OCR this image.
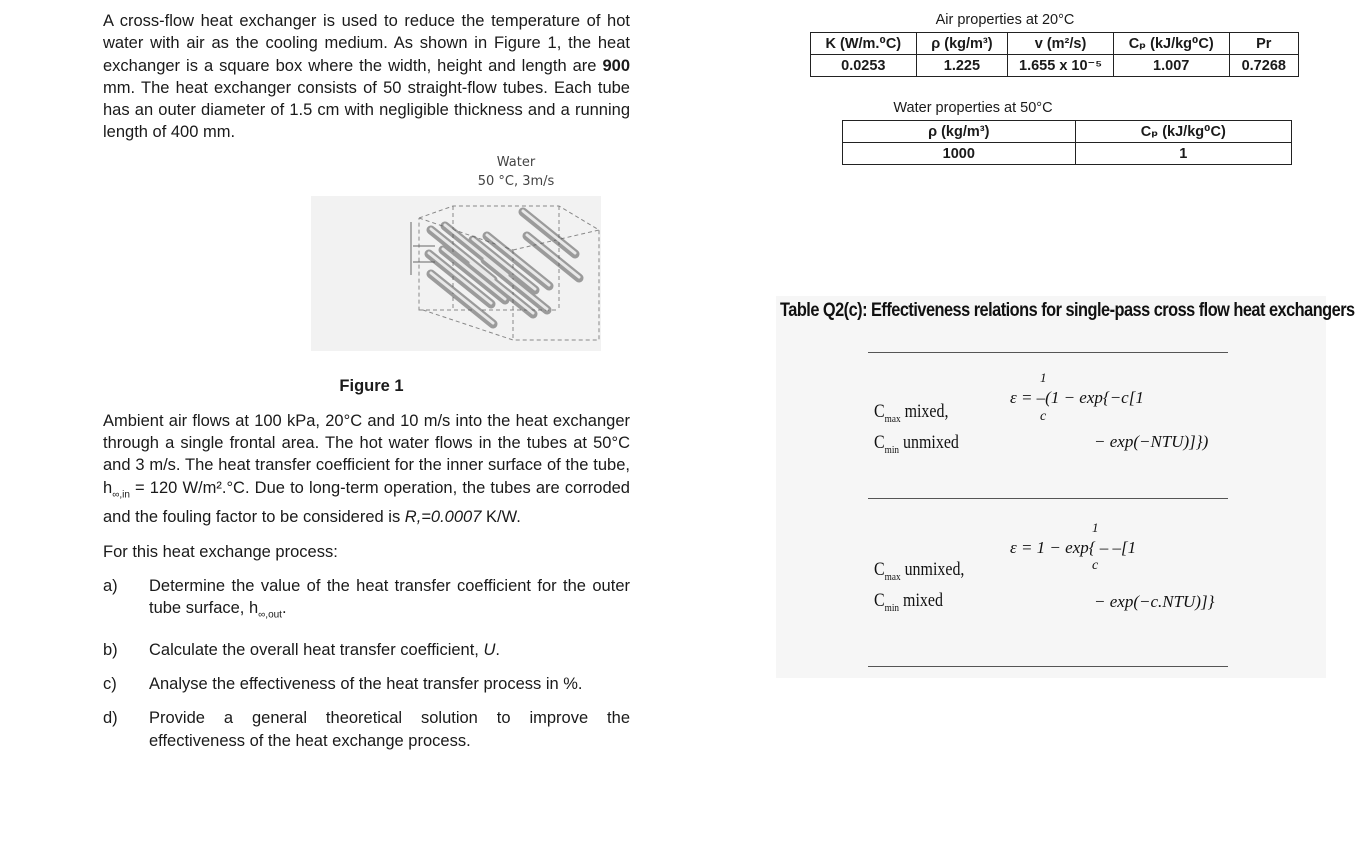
A cross-flow heat exchanger is used to reduce the temperature of hot water with air as the cooling medium. As shown in Figure 1, the heat exchanger is a square box where the width, height and length are 900 mm. The heat exchanger consists of 50 straight-flow tubes. Each tube has an outer diameter of 1.5 cm with negligible thickness and a running length of 400 mm.

Water
50 °C, 3m/s

Figure 1

Ambient air flows at 100 kPa, 20°C and 10 m/s into the heat exchanger through a single frontal area. The hot water flows in the tubes at 50°C and 3 m/s. The heat transfer coefficient for the inner surface of the tube, $h_{\infty,in} = 120$ W/m².°C. Due to long-term operation, the tubes are corroded and the fouling factor to be considered is R,=0.0007 K/W.

For this heat exchange process:

a)	Determine the value of the heat transfer coefficient for the outer tube surface, $h_{\infty,out}$.
b)	Calculate the overall heat transfer coefficient, U.
c)	Analyse the effectiveness of the heat transfer process in %.
d)	Provide a general theoretical solution to improve the effectiveness of the heat exchange process.
Air properties at 20°C
K (W/m.⁰C)	ρ (kg/m³)	v (m²/s)	Cₚ (kJ/kg⁰C)	Pr
0.0253	1.225	1.655 x 10⁻⁵	1.007	0.7268
Water properties at 50°C
ρ (kg/m³)	Cₚ (kJ/kg⁰C)
1000	1
Table Q2(c): Effectiveness relations for single-pass cross flow heat exchangers
$C_{max}$ mixed,
$C_{min}$ unmixed
1
ε = ‒(1 − exp{−c[1
c
− exp(−NTU)]})
$C_{max}$ unmixed,
$C_{min}$ mixed
1
ε = 1 − exp{ ‒ ‒[1
c
− exp(−c.NTU)]}
